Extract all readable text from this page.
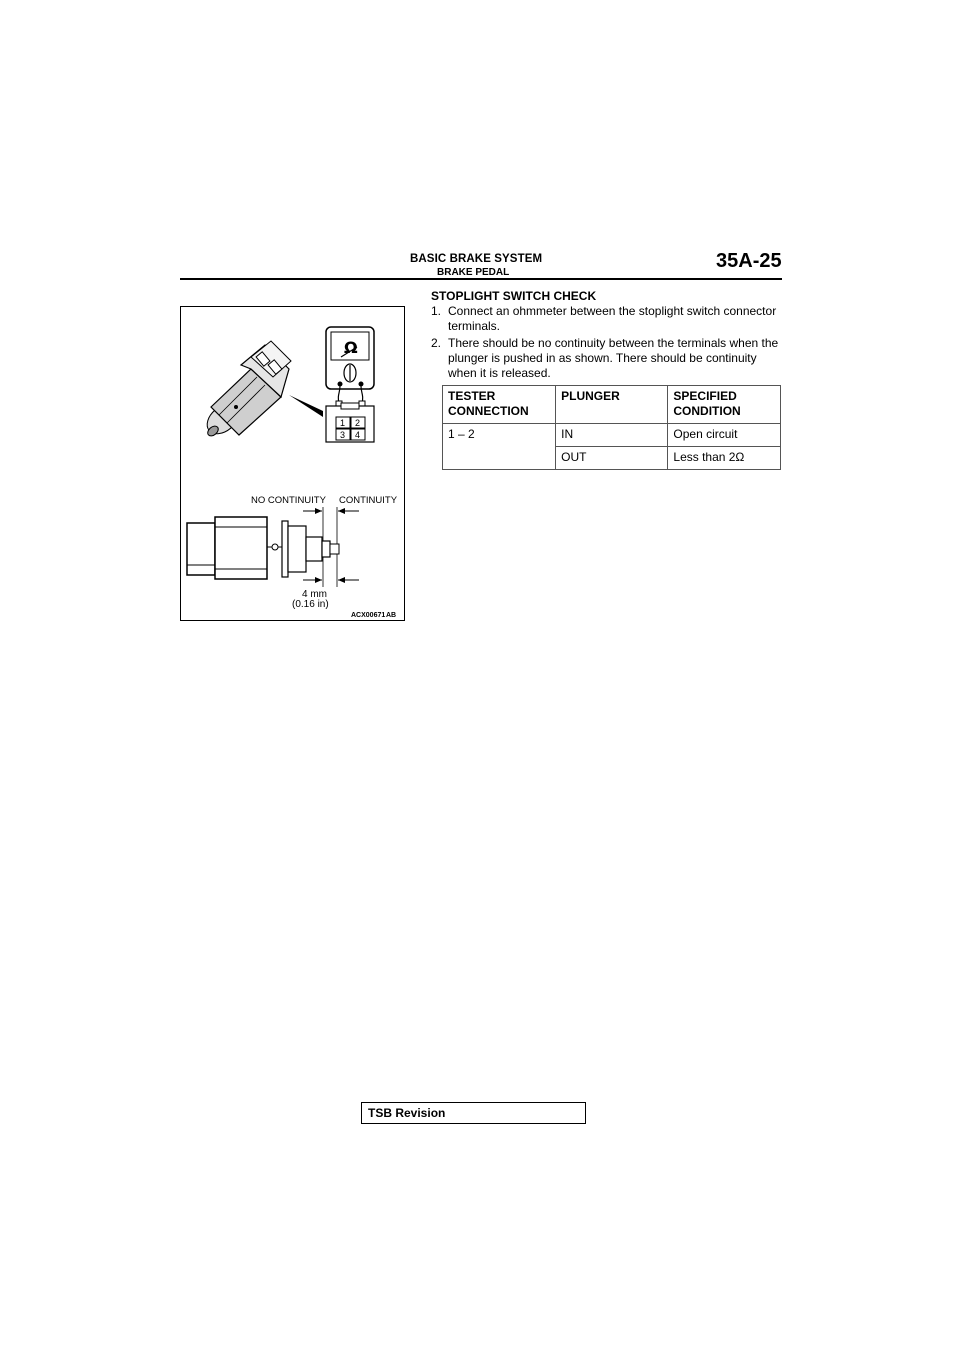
BASIC BRAKE SYSTEM
BRAKE PEDAL
35A-25
Ω
1 2
3 4
NO CONTINUITY CONTINUITY
4 mm
(0.16 in)
ACX00671 AB
STOPLIGHT SWITCH CHECK
1. Connect an ohmmeter between the stoplight switch connector terminals.
2. There should be no continuity between the terminals when the plunger is pushed in as shown. There should be continuity when it is released.
TESTER CONNECTION	PLUNGER	SPECIFIED CONDITION
1 – 2	IN	Open circuit
	OUT	Less than 2Ω
TSB Revision
